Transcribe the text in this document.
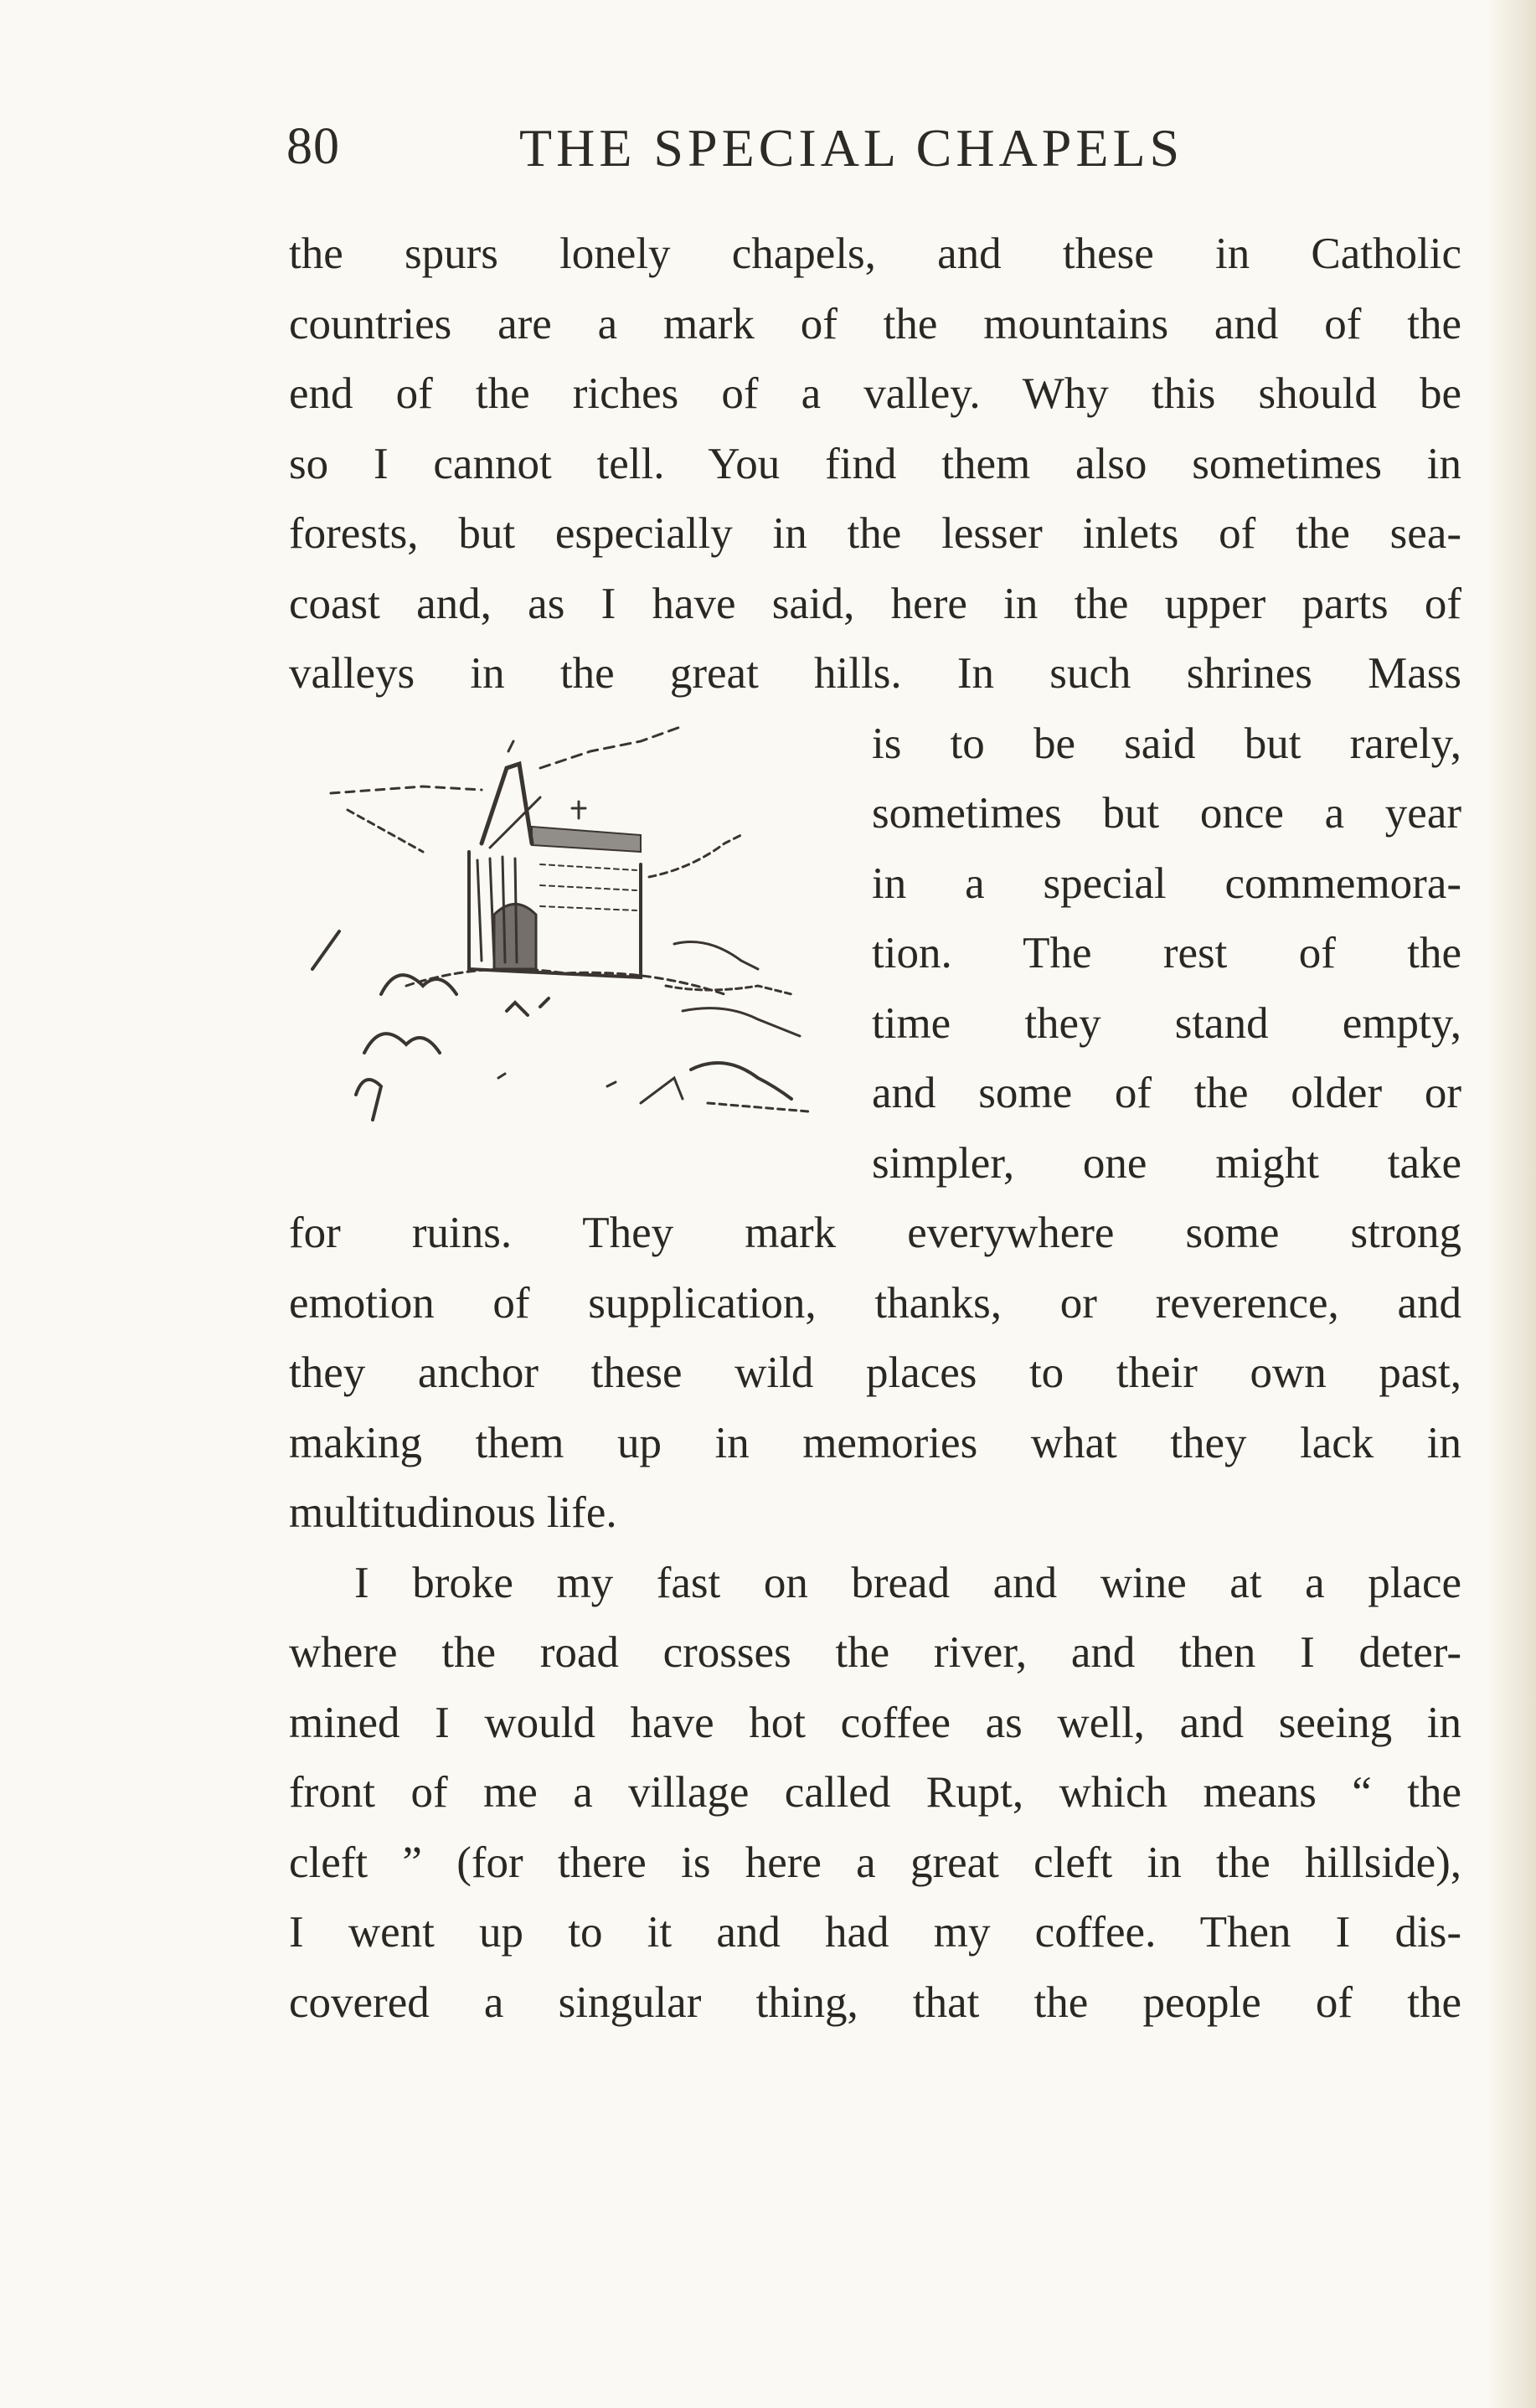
80	THE SPECIAL CHAPELS
the spurs lonely chapels, and these in Catholic
countries are a mark of the mountains and of the
end of the riches of a valley. Why this should be
so I cannot tell. You find them also sometimes in
forests, but especially in the lesser inlets of the sea-
coast and, as I have said, here in the upper parts of
valleys in the great hills. In such shrines Mass
is to be said but rarely,
sometimes but once a year
in a special commemora-
tion. The rest of the
time they stand empty,
and some of the older or
simpler, one might take
for ruins. They mark everywhere some strong
emotion of supplication, thanks, or reverence, and
they anchor these wild places to their own past,
making them up in memories what they lack in
multitudinous life.
I broke my fast on bread and wine at a place
where the road crosses the river, and then I deter-
mined I would have hot coffee as well, and seeing in
front of me a village called Rupt, which means “ the
cleft ” (for there is here a great cleft in the hillside),
I went up to it and had my coffee. Then I dis-
covered a singular thing, that the people of the
